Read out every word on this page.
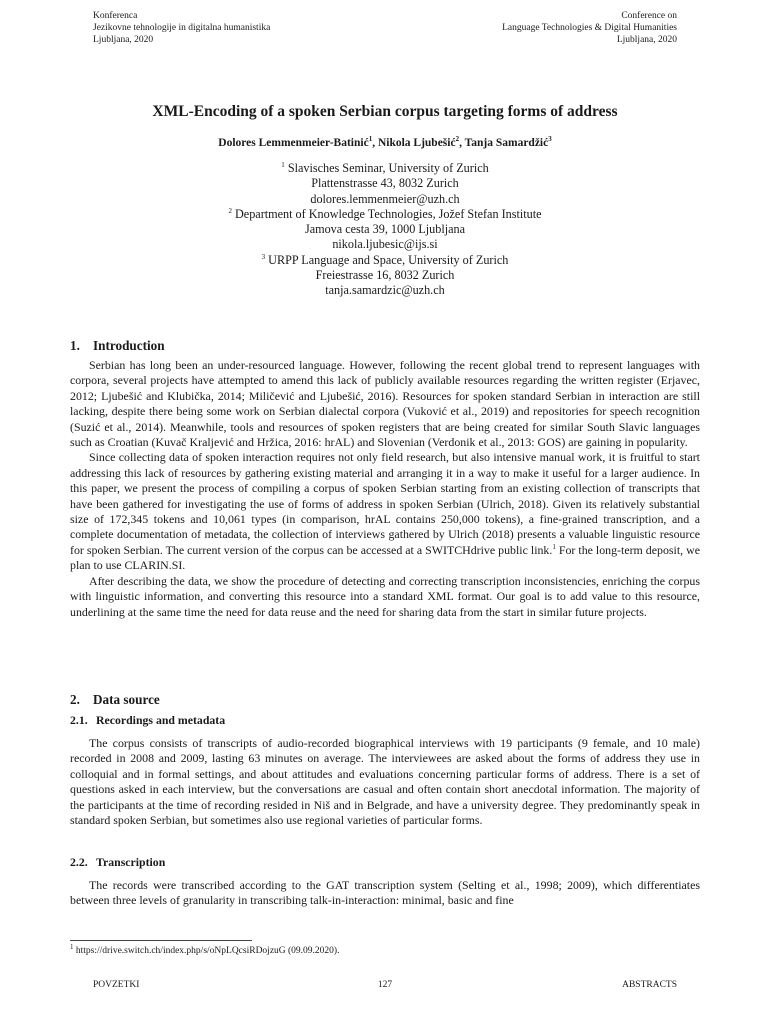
Konferenca
Jezikovne tehnologije in digitalna humanistika
Ljubljana, 2020
Conference on
Language Technologies & Digital Humanities
Ljubljana, 2020
XML-Encoding of a spoken Serbian corpus targeting forms of address
Dolores Lemmenmeier-Batinić$^1$, Nikola Ljubešić$^2$, Tanja Samardžić$^3$
$^1$ Slavisches Seminar, University of Zurich
Plattenstrasse 43, 8032 Zurich
dolores.lemmenmeier@uzh.ch
$^2$ Department of Knowledge Technologies, Jožef Stefan Institute
Jamova cesta 39, 1000 Ljubljana
nikola.ljubesic@ijs.si
$^3$ URPP Language and Space, University of Zurich
Freiestrasse 16, 8032 Zurich
tanja.samardzic@uzh.ch
1. Introduction

Serbian has long been an under-resourced language. However, following the recent global trend to represent languages with corpora, several projects have attempted to amend this lack of publicly available resources regarding the written register (Erjavec, 2012; Ljubešić and Klubička, 2014; Miličević and Ljubešić, 2016). Resources for spoken standard Serbian in interaction are still lacking, despite there being some work on Serbian dialectal corpora (Vuković et al., 2019) and repositories for speech recognition (Suzić et al., 2014). Meanwhile, tools and resources of spoken registers that are being created for similar South Slavic languages such as Croatian (Kuvač Kraljević and Hržica, 2016: hrAL) and Slovenian (Verdonik et al., 2013: GOS) are gaining in popularity.

Since collecting data of spoken interaction requires not only field research, but also intensive manual work, it is fruitful to start addressing this lack of resources by gathering existing material and arranging it in a way to make it useful for a larger audience. In this paper, we present the process of compiling a corpus of spoken Serbian starting from an existing collection of transcripts that have been gathered for investigating the use of forms of address in spoken Serbian (Ulrich, 2018). Given its relatively substantial size of 172,345 tokens and 10,061 types (in comparison, hrAL contains 250,000 tokens), a fine-grained transcription, and a complete documentation of metadata, the collection of interviews gathered by Ulrich (2018) presents a valuable linguistic resource for spoken Serbian. The current version of the corpus can be accessed at a SWITCHdrive public link.$^1$ For the long-term deposit, we plan to use CLARIN.SI.

After describing the data, we show the procedure of detecting and correcting transcription inconsistencies, enriching the corpus with linguistic information, and converting this resource into a standard XML format. Our goal is to add value to this resource, underlining at the same time the need for data reuse and the need for sharing data from the start in similar future projects.

2. Data source
2.1. Recordings and metadata

The corpus consists of transcripts of audio-recorded biographical interviews with 19 participants (9 female, and 10 male) recorded in 2008 and 2009, lasting 63 minutes on average. The interviewees are asked about the forms of address they use in colloquial and in formal settings, and about attitudes and evaluations concerning particular forms of address. There is a set of questions asked in each interview, but the conversations are casual and often contain short anecdotal information. The majority of the participants at the time of recording resided in Niš and in Belgrade, and have a university degree. They predominantly speak in standard spoken Serbian, but sometimes also use regional varieties of particular forms.

2.2. Transcription

The records were transcribed according to the GAT transcription system (Selting et al., 1998; 2009), which differentiates between three levels of granularity in transcribing talk-in-interaction: minimal, basic and fine

$^1$ https://drive.switch.ch/index.php/s/oNpLQcsiRDojzuG (09.09.2020).
POVZETKI	127	ABSTRACTS
